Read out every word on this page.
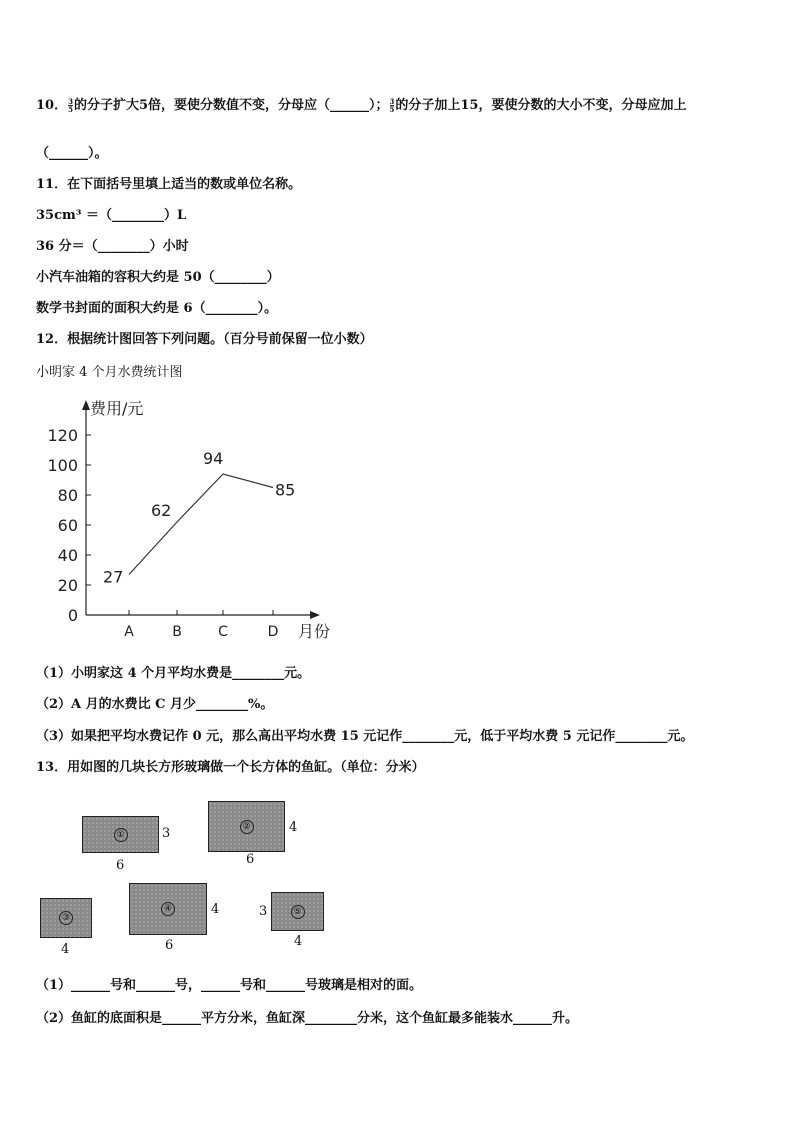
10． $\frac{3}{5}$ 的分子扩大5倍，要使分数值不变，分母应（______）； $\frac{3}{5}$ 的分子加上15，要使分数的大小不变，分母应加上
（______）。
11．在下面括号里填上适当的数或单位名称。
35cm³ ＝（________）L
36 分＝（________）小时
小汽车油箱的容积大约是 50（________）
数学书封面的面积大约是 6（________）。
12．根据统计图回答下列问题。（百分号前保留一位小数）
小明家 4 个月水费统计图
0
20
40
60
80
100
120
A	B	C	D
27
62
94
85
费用/元
月份
（1）小明家这 4 个月平均水费是________元。
（2）A 月的水费比 C 月少________%。
（3）如果把平均水费记作 0 元，那么高出平均水费 15 元记作________元，低于平均水费 5 元记作________元。
13．用如图的几块长方形玻璃做一个长方体的鱼缸。（单位：分米）
①	3
6
②	4
6
③
4
④	4
6
⑤
3
4
（1）______号和______号，______号和______号玻璃是相对的面。
（2）鱼缸的底面积是______平方分米，鱼缸深________分米，这个鱼缸最多能装水______升。
